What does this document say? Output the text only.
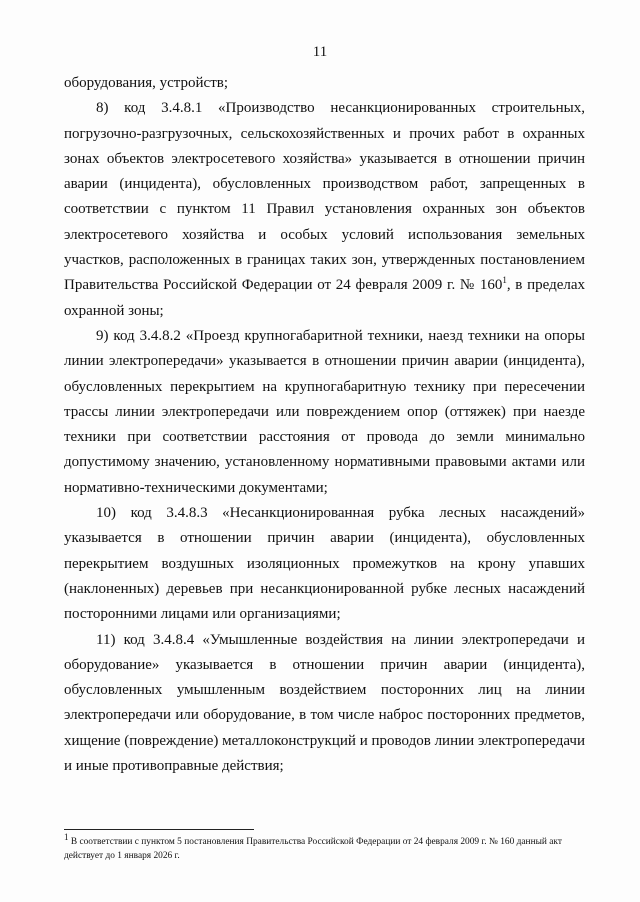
11

оборудования, устройств;

8) код 3.4.8.1 «Производство несанкционированных строительных, погрузочно-разгрузочных, сельскохозяйственных и прочих работ в охранных зонах объектов электросетевого хозяйства» указывается в отношении причин аварии (инцидента), обусловленных производством работ, запрещенных в соответствии с пунктом 11 Правил установления охранных зон объектов электросетевого хозяйства и особых условий использования земельных участков, расположенных в границах таких зон, утвержденных постановлением Правительства Российской Федерации от 24 февраля 2009 г. № $160^1$, в пределах охранной зоны;

9) код 3.4.8.2 «Проезд крупногабаритной техники, наезд техники на опоры линии электропередачи» указывается в отношении причин аварии (инцидента), обусловленных перекрытием на крупногабаритную технику при пересечении трассы линии электропередачи или повреждением опор (оттяжек) при наезде техники при соответствии расстояния от провода до земли минимально допустимому значению, установленному нормативными правовыми актами или нормативно-техническими документами;

10) код 3.4.8.3 «Несанкционированная рубка лесных насаждений» указывается в отношении причин аварии (инцидента), обусловленных перекрытием воздушных изоляционных промежутков на крону упавших (наклоненных) деревьев при несанкционированной рубке лесных насаждений посторонними лицами или организациями;

11) код 3.4.8.4 «Умышленные воздействия на линии электропередачи и оборудование» указывается в отношении причин аварии (инцидента), обусловленных умышленным воздействием посторонних лиц на линии электропередачи или оборудование, в том числе наброс посторонних предметов, хищение (повреждение) металлоконструкций и проводов линии электропередачи и иные противоправные действия;

$^1$ В соответствии с пунктом 5 постановления Правительства Российской Федерации от 24 февраля 2009 г. № 160 данный акт действует до 1 января 2026 г.
